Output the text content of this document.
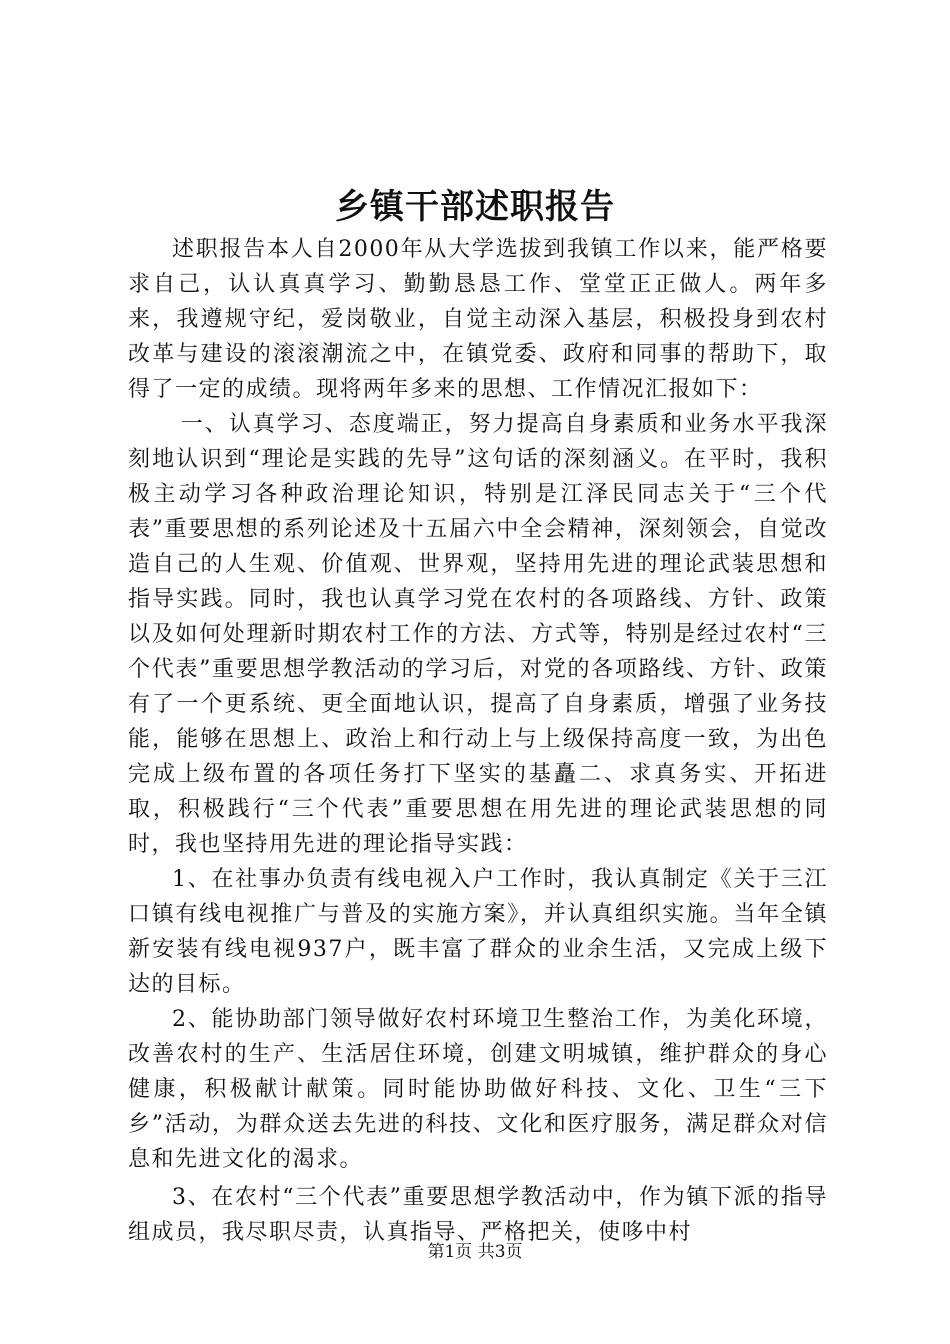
乡镇干部述职报告

述职报告本人自2000年从大学选拔到我镇工作以来，能严格要求自己，认认真真学习、勤勤恳恳工作、堂堂正正做人。两年多来，我遵规守纪，爱岗敬业，自觉主动深入基层，积极投身到农村改革与建设的滚滚潮流之中，在镇党委、政府和同事的帮助下，取得了一定的成绩。现将两年多来的思想、工作情况汇报如下：

一、认真学习、态度端正，努力提高自身素质和业务水平我深刻地认识到“理论是实践的先导”这句话的深刻涵义。在平时，我积极主动学习各种政治理论知识，特别是江泽民同志关于“三个代表”重要思想的系列论述及十五届六中全会精神，深刻领会，自觉改造自己的人生观、价值观、世界观，坚持用先进的理论武装思想和指导实践。同时，我也认真学习党在农村的各项路线、方针、政策以及如何处理新时期农村工作的方法、方式等，特别是经过农村“三个代表”重要思想学教活动的学习后，对党的各项路线、方针、政策有了一个更系统、更全面地认识，提高了自身素质，增强了业务技能，能够在思想上、政治上和行动上与上级保持高度一致，为出色完成上级布置的各项任务打下坚实的基矗二、求真务实、开拓进取，积极践行“三个代表”重要思想在用先进的理论武装思想的同时，我也坚持用先进的理论指导实践：

1、在社事办负责有线电视入户工作时，我认真制定《关于三江口镇有线电视推广与普及的实施方案》，并认真组织实施。当年全镇新安装有线电视937户，既丰富了群众的业余生活，又完成上级下达的目标。

2、能协助部门领导做好农村环境卫生整治工作，为美化环境，改善农村的生产、生活居住环境，创建文明城镇，维护群众的身心健康，积极献计献策。同时能协助做好科技、文化、卫生“三下乡”活动，为群众送去先进的科技、文化和医疗服务，满足群众对信息和先进文化的渴求。

3、在农村“三个代表”重要思想学教活动中，作为镇下派的指导组成员，我尽职尽责，认真指导、严格把关，使哆中村

第1页 共3页
